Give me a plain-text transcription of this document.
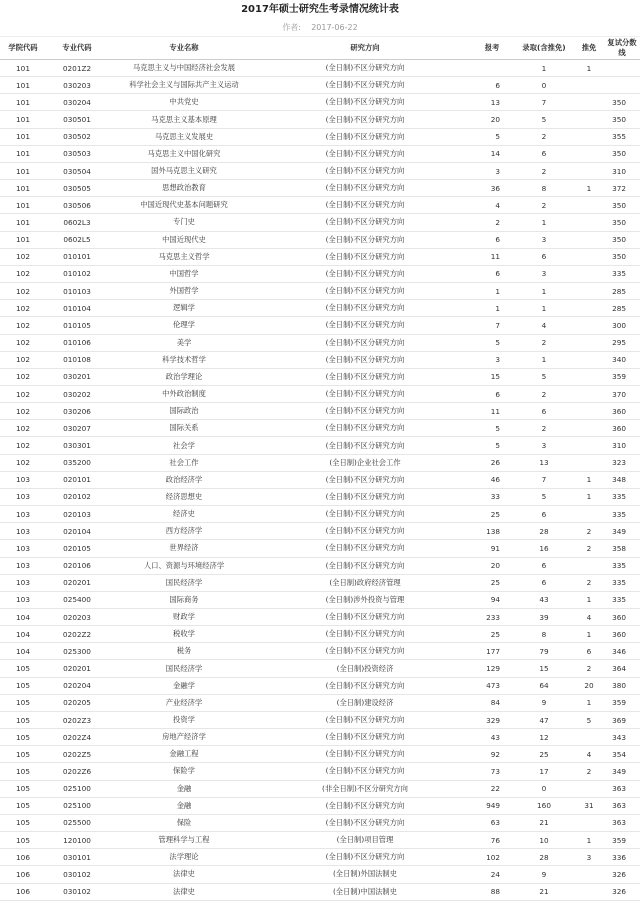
2017年硕士研究生考录情况统计表
作者: 2017-06-22
学院代码	专业代码	专业名称	研究方向	报考	录取(含推免)	推免	复试分数线
101	0201Z2	马克思主义与中国经济社会发展	(全日制)不区分研究方向		1	1	
101	030203	科学社会主义与国际共产主义运动	(全日制)不区分研究方向	6	0		
101	030204	中共党史	(全日制)不区分研究方向	13	7		350
101	030501	马克思主义基本原理	(全日制)不区分研究方向	20	5		350
101	030502	马克思主义发展史	(全日制)不区分研究方向	5	2		355
101	030503	马克思主义中国化研究	(全日制)不区分研究方向	14	6		350
101	030504	国外马克思主义研究	(全日制)不区分研究方向	3	2		310
101	030505	思想政治教育	(全日制)不区分研究方向	36	8	1	372
101	030506	中国近现代史基本问题研究	(全日制)不区分研究方向	4	2		350
101	0602L3	专门史	(全日制)不区分研究方向	2	1		350
101	0602L5	中国近现代史	(全日制)不区分研究方向	6	3		350
102	010101	马克思主义哲学	(全日制)不区分研究方向	11	6		350
102	010102	中国哲学	(全日制)不区分研究方向	6	3		335
102	010103	外国哲学	(全日制)不区分研究方向	1	1		285
102	010104	逻辑学	(全日制)不区分研究方向	1	1		285
102	010105	伦理学	(全日制)不区分研究方向	7	4		300
102	010106	美学	(全日制)不区分研究方向	5	2		295
102	010108	科学技术哲学	(全日制)不区分研究方向	3	1		340
102	030201	政治学理论	(全日制)不区分研究方向	15	5		359
102	030202	中外政治制度	(全日制)不区分研究方向	6	2		370
102	030206	国际政治	(全日制)不区分研究方向	11	6		360
102	030207	国际关系	(全日制)不区分研究方向	5	2		360
102	030301	社会学	(全日制)不区分研究方向	5	3		310
102	035200	社会工作	(全日制)企业社会工作	26	13		323
103	020101	政治经济学	(全日制)不区分研究方向	46	7	1	348
103	020102	经济思想史	(全日制)不区分研究方向	33	5	1	335
103	020103	经济史	(全日制)不区分研究方向	25	6		335
103	020104	西方经济学	(全日制)不区分研究方向	138	28	2	349
103	020105	世界经济	(全日制)不区分研究方向	91	16	2	358
103	020106	人口、资源与环境经济学	(全日制)不区分研究方向	20	6		335
103	020201	国民经济学	(全日制)政府经济管理	25	6	2	335
103	025400	国际商务	(全日制)涉外投资与管理	94	43	1	335
104	020203	财政学	(全日制)不区分研究方向	233	39	4	360
104	0202Z2	税收学	(全日制)不区分研究方向	25	8	1	360
104	025300	税务	(全日制)不区分研究方向	177	79	6	346
105	020201	国民经济学	(全日制)投资经济	129	15	2	364
105	020204	金融学	(全日制)不区分研究方向	473	64	20	380
105	020205	产业经济学	(全日制)建设经济	84	9	1	359
105	0202Z3	投资学	(全日制)不区分研究方向	329	47	5	369
105	0202Z4	房地产经济学	(全日制)不区分研究方向	43	12		343
105	0202Z5	金融工程	(全日制)不区分研究方向	92	25	4	354
105	0202Z6	保险学	(全日制)不区分研究方向	73	17	2	349
105	025100	金融	(非全日制)不区分研究方向	22	0		363
105	025100	金融	(全日制)不区分研究方向	949	160	31	363
105	025500	保险	(全日制)不区分研究方向	63	21		363
105	120100	管理科学与工程	(全日制)项目管理	76	10	1	359
106	030101	法学理论	(全日制)不区分研究方向	102	28	3	336
106	030102	法律史	(全日制)外国法制史	24	9		326
106	030102	法律史	(全日制)中国法制史	88	21		326
